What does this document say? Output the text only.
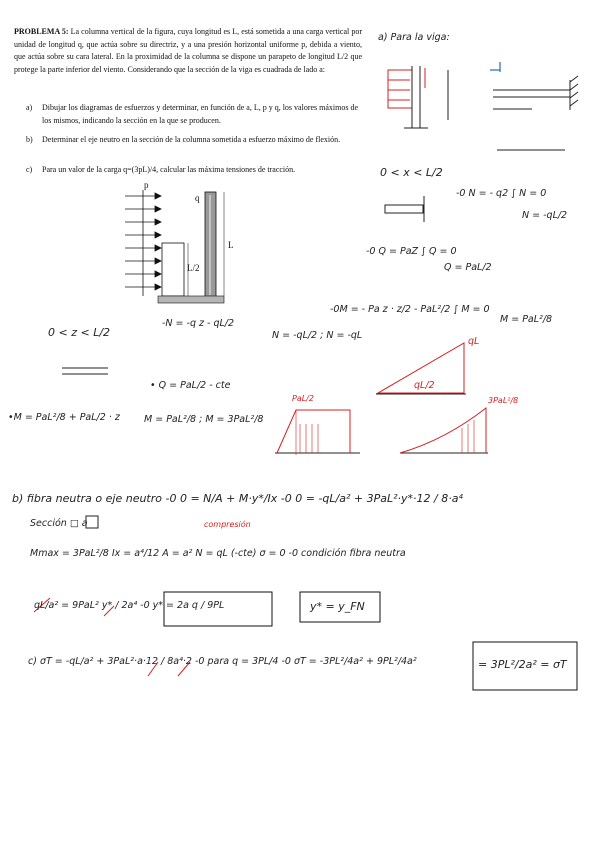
PROBLEMA 5: La columna vertical de la figura, cuya longitud es L, está sometida a una carga vertical por unidad de longitud q, que actúa sobre su directriz, y a una presión horizontal uniforme p, debida a viento, que actúa sobre su cara lateral. En la proximidad de la columna se dispone un parapeto de longitud L/2 que protege la parte inferior del viento. Considerando que la sección de la viga es cuadrada de lado a:
a) Dibujar los diagramas de esfuerzos y determinar, en función de a, L, p y q, los valores máximos de los mismos, indicando la sección en la que se producen.
b) Determinar el eje neutro en la sección de la columna sometida a esfuerzo máximo de flexión.
c) Para un valor de la carga q=(3pL)/4, calcular las máxima tensiones de tracción.
p
q
L
L/2
a) Para la viga:
0 < x < L/2
-0 N = - q2 ∫ N = 0
N = -qL/2
-0 Q = PaZ ∫ Q = 0
Q = PaL/2
-0M = - Pa z · z/2 - PaL²/2 ∫ M = 0
M = PaL²/8
0 < z < L/2
-N = -q z - qL/2
N = -qL/2 ; N = -qL
• Q = PaL/2 - cte
•M = PaL²/8 + PaL/2 · z	M = PaL²/8 ; M = 3PaL²/8
qL
qL/2
PaL/2	3PaL²/8
b) fibra neutra o eje neutro -0 0 = N/A + M·y*/Ix -0 0 = -qL/a² + 3PaL²·y*·12 / 8·a⁴
compresión
Sección □ a
Mmax = 3PaL²/8 Ix = a⁴/12 A = a² N = qL (-cte) σ = 0 -0 condición fibra neutra
qL/a² = 9PaL² y* / 2a⁴ -0 y* = 2a q / 9PL	y* = y_FN
c) σT = -qL/a² + 3PaL²·a·12 / 8a⁴·2 -0 para q = 3PL/4 -0 σT = -3PL²/4a² + 9PL²/4a²	= 3PL²/2a² = σT
